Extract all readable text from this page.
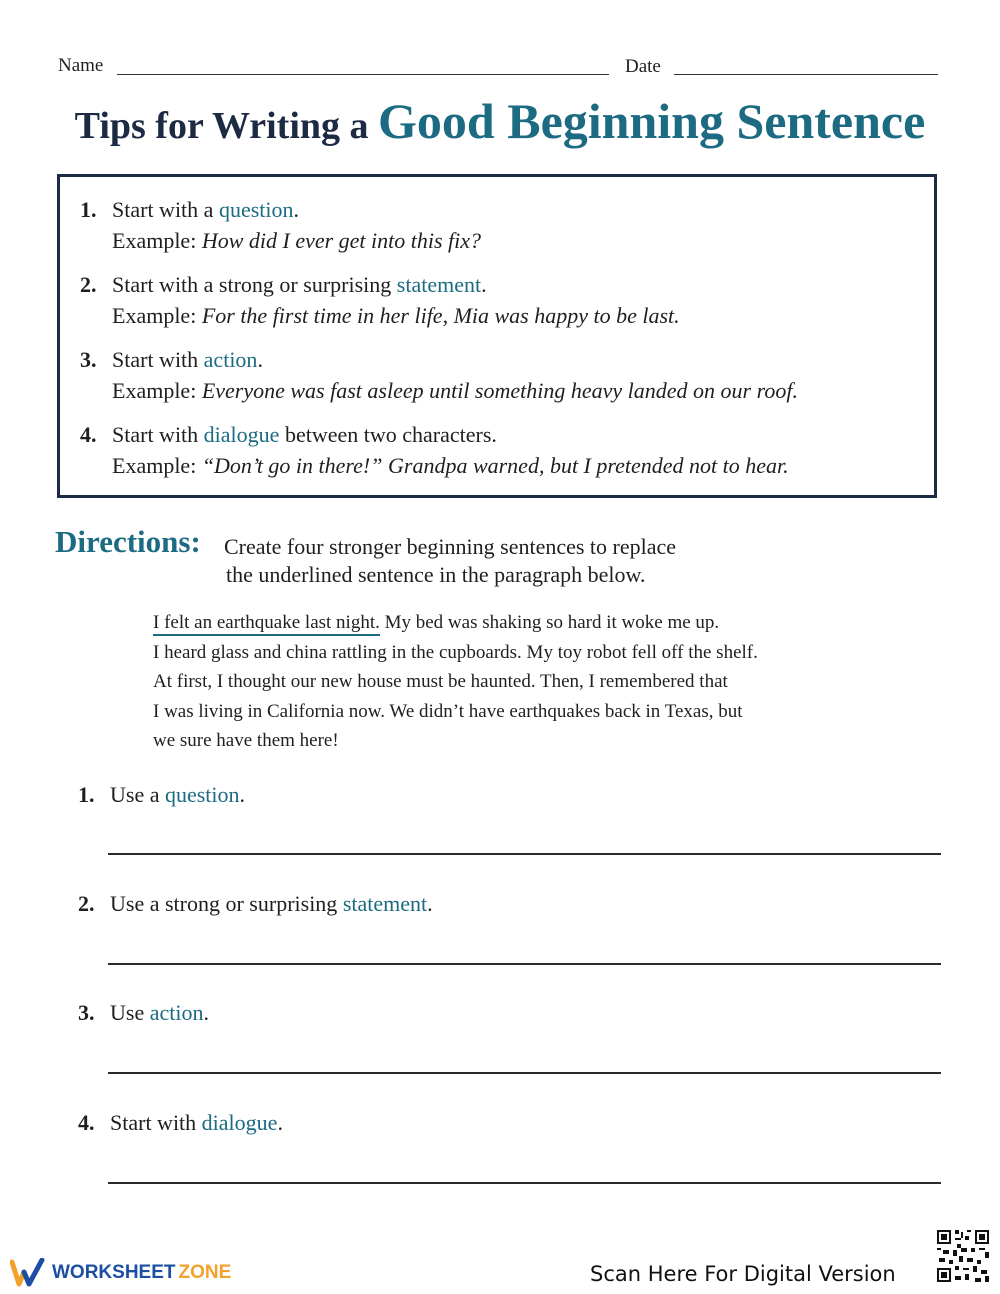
Name	Date
Tips for Writing a Good Beginning Sentence
1. Start with a question.
Example: How did I ever get into this fix?
2. Start with a strong or surprising statement.
Example: For the first time in her life, Mia was happy to be last.
3. Start with action.
Example: Everyone was fast asleep until something heavy landed on our roof.
4. Start with dialogue between two characters.
Example: “Don’t go in there!” Grandpa warned, but I pretended not to hear.
Directions: Create four stronger beginning sentences to replace
the underlined sentence in the paragraph below.
I felt an earthquake last night. My bed was shaking so hard it woke me up.
I heard glass and china rattling in the cupboards. My toy robot fell off the shelf.
At first, I thought our new house must be haunted. Then, I remembered that
I was living in California now. We didn’t have earthquakes back in Texas, but
we sure have them here!
1. Use a question.
2. Use a strong or surprising statement.
3. Use action.
4. Start with dialogue.
WORKSHEET ZONE	Scan Here For Digital Version
